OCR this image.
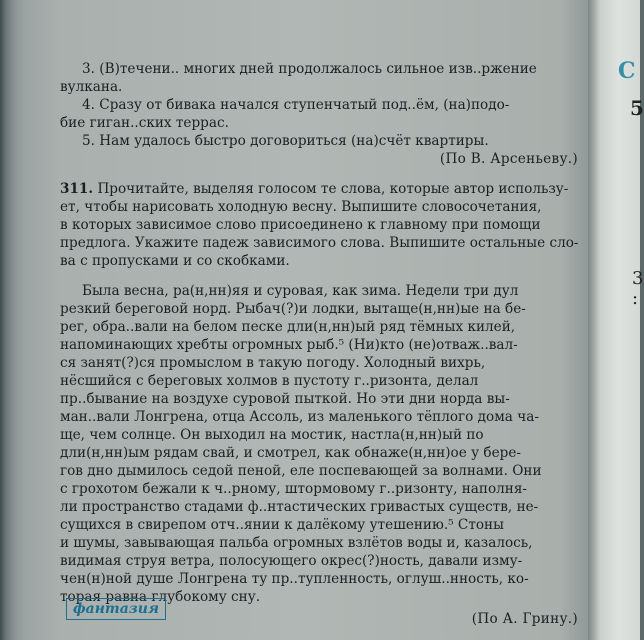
С
5
3
:
3. (В)течени.. многих дней продолжалось сильное изв..ржение
вулкана.
4. Сразу от бивака начался ступенчатый под..ём, (на)подо-
бие гиган..ских террас.
5. Нам удалось быстро договориться (на)счёт квартиры.
(По В. Арсеньеву.)
311. Прочитайте, выделяя голосом те слова, которые автор использу-
ет, чтобы нарисовать холодную весну. Выпишите словосочетания,
в которых зависимое слово присоединено к главному при помощи
предлога. Укажите падеж зависимого слова. Выпишите остальные сло-
ва с пропусками и со скобками.
Была весна, ра(н,нн)яя и суровая, как зима. Недели три дул
резкий береговой норд. Рыбач(?)и лодки, вытаще(н,нн)ые на бе-
рег, обра..вали на белом песке дли(н,нн)ый ряд тёмных килей,
напоминающих хребты огромных рыб.⁵ (Ни)кто (не)отваж..вал-
ся занят(?)ся промыслом в такую погоду. Холодный вихрь,
нёсшийся с береговых холмов в пустоту г..ризонта, делал
пр..бывание на воздухе суровой пыткой. Но эти дни норда вы-
ман..вали Лонгрена, отца Ассоль, из маленького тёплого дома ча-
ще, чем солнце. Он выходил на мостик, настла(н,нн)ый по
дли(н,нн)ым рядам свай, и смотрел, как обнаже(н,нн)ое у бере-
гов дно дымилось седой пеной, еле поспевающей за волнами. Они
с грохотом бежали к ч..рному, штормовому г..ризонту, наполня-
ли пространство стадами ф..нтастических гривастых существ, не-
сущихся в свирепом отч..янии к далёкому утешению.⁵ Стоны
и шумы, завывающая пальба огромных взлётов воды и, казалось,
видимая струя ветра, полосующего окрес(?)ность, давали изму-
чен(н)ной душе Лонгрена ту пр..тупленность, оглуш..нность, ко-
торая равна глубокому сну.
(По А. Грину.)
фантазия
